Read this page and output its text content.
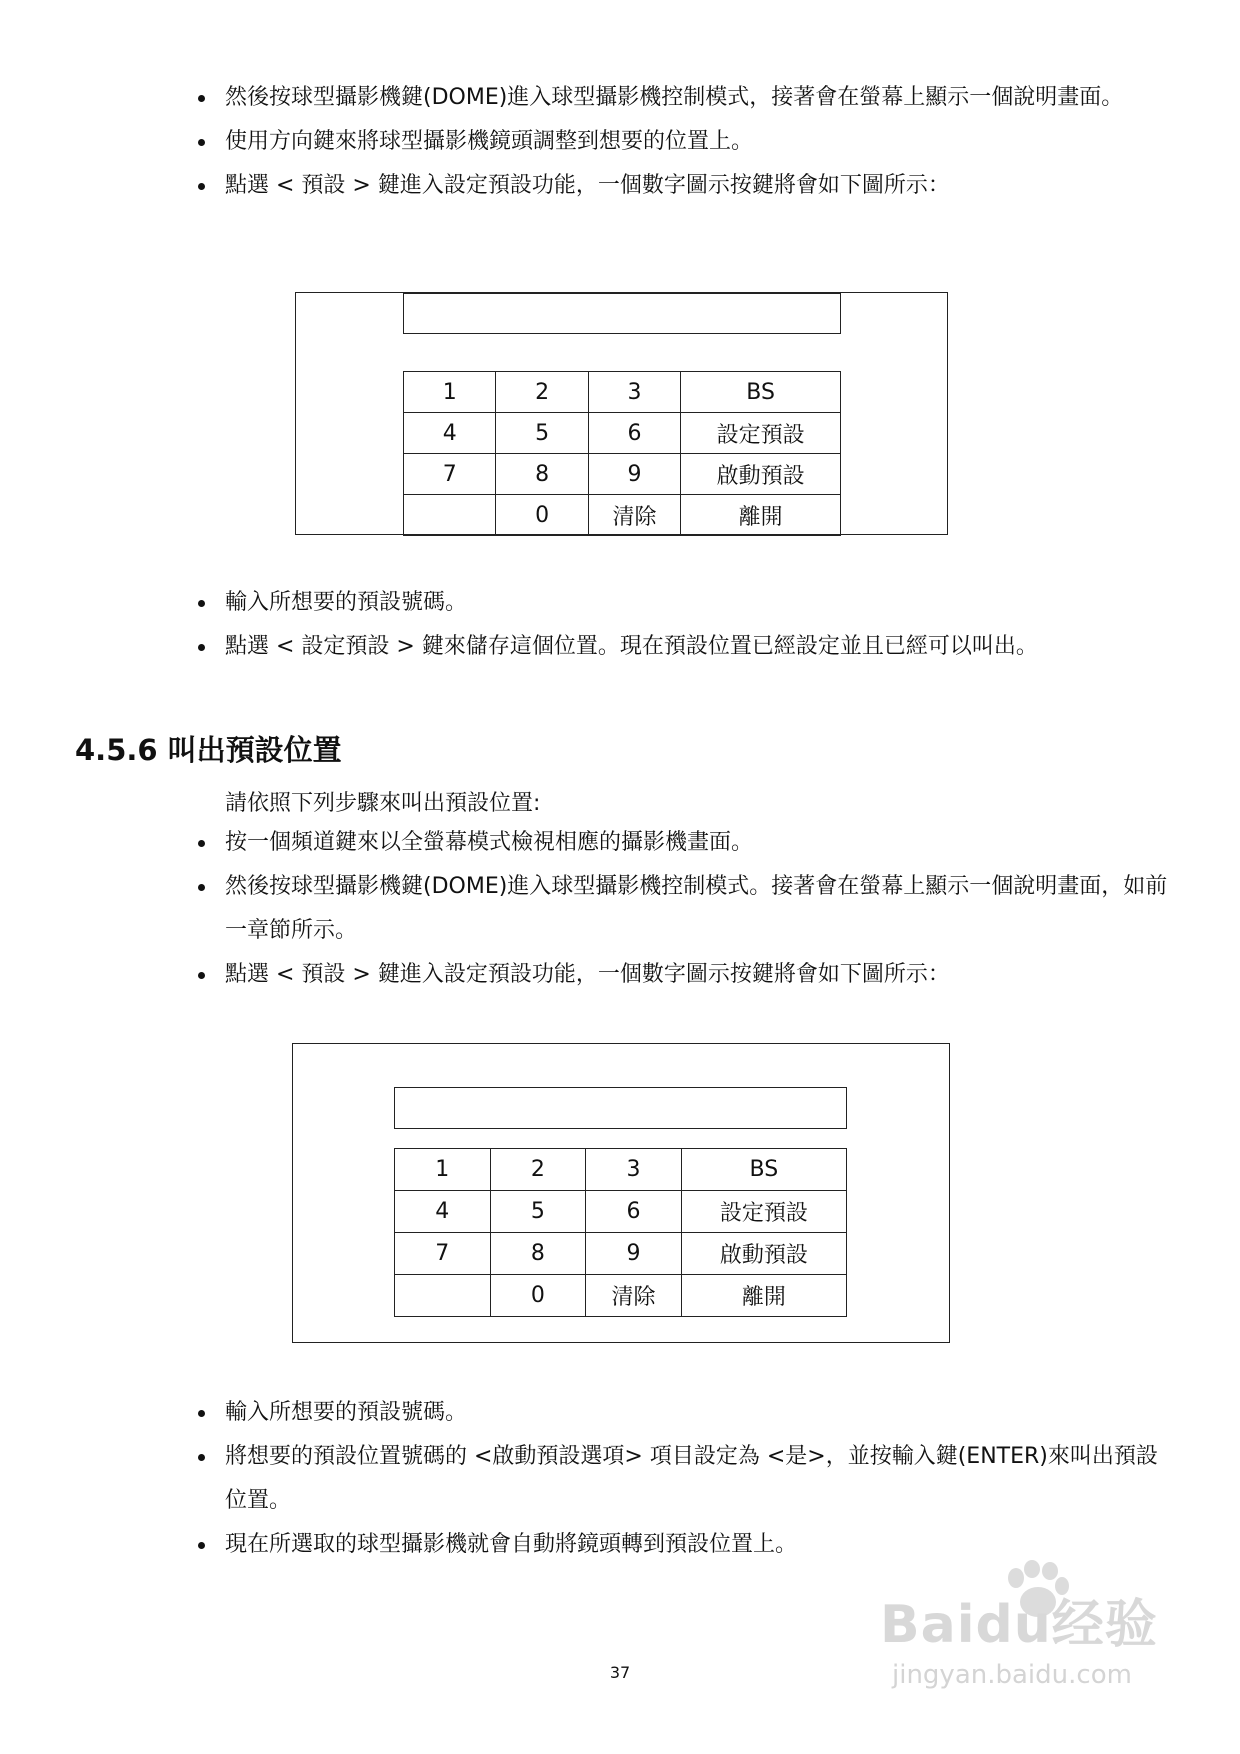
然後按球型攝影機鍵(DOME)進入球型攝影機控制模式，接著會在螢幕上顯示一個說明畫面。
使用方向鍵來將球型攝影機鏡頭調整到想要的位置上。
點選 < 預設 > 鍵進入設定預設功能，一個數字圖示按鍵將會如下圖所示：
1	2	3	BS
4	5	6	設定預設
7	8	9	啟動預設
	0	清除	離開
輸入所想要的預設號碼。
點選 < 設定預設 > 鍵來儲存這個位置。現在預設位置已經設定並且已經可以叫出。
4.5.6 叫出預設位置

請依照下列步驟來叫出預設位置:

按一個頻道鍵來以全螢幕模式檢視相應的攝影機畫面。
然後按球型攝影機鍵(DOME)進入球型攝影機控制模式。接著會在螢幕上顯示一個說明畫面，如前一章節所示。
點選 < 預設 > 鍵進入設定預設功能，一個數字圖示按鍵將會如下圖所示：
1	2	3	BS
4	5	6	設定預設
7	8	9	啟動預設
	0	清除	離開
輸入所想要的預設號碼。
將想要的預設位置號碼的 <啟動預設選項> 項目設定為 <是>，並按輸入鍵(ENTER)來叫出預設位置。
現在所選取的球型攝影機就會自動將鏡頭轉到預設位置上。
Baidu经验
jingyan.baidu.com
37
